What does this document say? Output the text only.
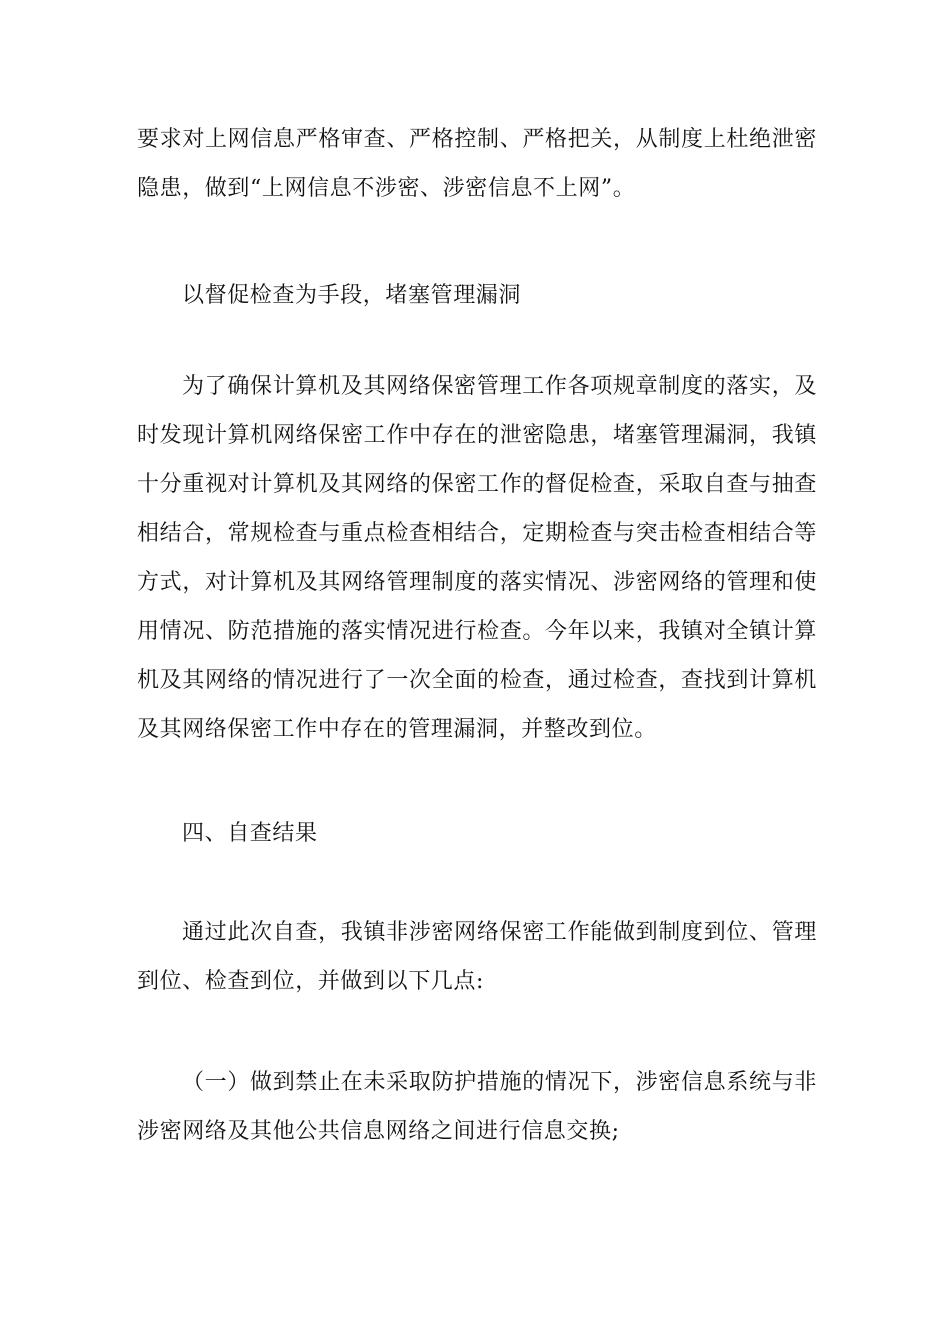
要求对上网信息严格审查、严格控制、严格把关，从制度上杜绝泄密隐患，做到“上网信息不涉密、涉密信息不上网”。

以督促检查为手段，堵塞管理漏洞

为了确保计算机及其网络保密管理工作各项规章制度的落实，及时发现计算机网络保密工作中存在的泄密隐患，堵塞管理漏洞，我镇十分重视对计算机及其网络的保密工作的督促检查，采取自查与抽查相结合，常规检查与重点检查相结合，定期检查与突击检查相结合等方式，对计算机及其网络管理制度的落实情况、涉密网络的管理和使用情况、防范措施的落实情况进行检查。今年以来，我镇对全镇计算机及其网络的情况进行了一次全面的检查，通过检查，查找到计算机及其网络保密工作中存在的管理漏洞，并整改到位。

四、自查结果

通过此次自查，我镇非涉密网络保密工作能做到制度到位、管理到位、检查到位，并做到以下几点:

（一）做到禁止在未采取防护措施的情况下，涉密信息系统与非涉密网络及其他公共信息网络之间进行信息交换;
